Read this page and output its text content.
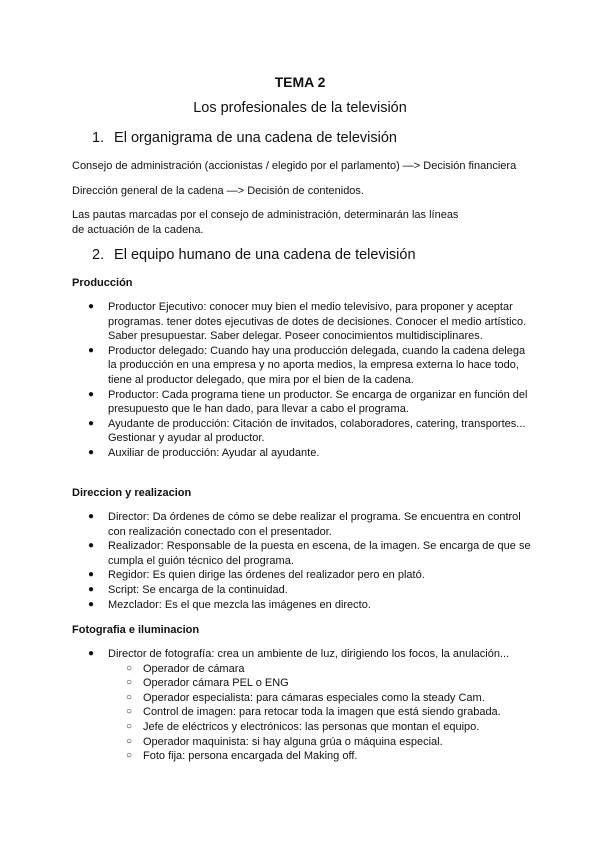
TEMA 2
Los profesionales de la televisión
1. El organigrama de una cadena de televisión

Consejo de administración (accionistas / elegido por el parlamento) —> Decisión financiera

Dirección general de la cadena —> Decisión de contenidos.

Las pautas marcadas por el consejo de administración, determinarán las líneas de actuación de la cadena.

2. El equipo humano de una cadena de televisión
Producción
● Productor Ejecutivo: conocer muy bien el medio televisivo, para proponer y aceptar programas. tener dotes ejecutivas de dotes de decisiones. Conocer el medio artístico. Saber presupuestar. Saber delegar. Poseer conocimientos multidisciplinares.
● Productor delegado: Cuando hay una producción delegada, cuando la cadena delega la producción en una empresa y no aporta medios, la empresa externa lo hace todo, tiene al productor delegado, que mira por el bien de la cadena.
● Productor: Cada programa tiene un productor. Se encarga de organizar en función del presupuesto que le han dado, para llevar a cabo el programa.
● Ayudante de producción: Citación de invitados, colaboradores, catering, transportes... Gestionar y ayudar al productor.
● Auxiliar de producción: Ayudar al ayudante.
Direccion y realizacion
● Director: Da órdenes de cómo se debe realizar el programa. Se encuentra en control con realización conectado con el presentador.
● Realizador: Responsable de la puesta en escena, de la imagen. Se encarga de que se cumpla el guión técnico del programa.
● Regidor: Es quien dirige las órdenes del realizador pero en plató.
● Script: Se encarga de la continuidad.
● Mezclador: Es el que mezcla las imágenes en directo.
Fotografia e iluminacion
● Director de fotografía: crea un ambiente de luz, dirigiendo los focos, la anulación...
○ Operador de cámara
○ Operador cámara PEL o ENG
○ Operador especialista: para cámaras especiales como la steady Cam.
○ Control de imagen: para retocar toda la imagen que está siendo grabada.
○ Jefe de eléctricos y electrónicos: las personas que montan el equipo.
○ Operador maquinista: si hay alguna grúa o máquina especial.
○ Foto fija: persona encargada del Making off.
